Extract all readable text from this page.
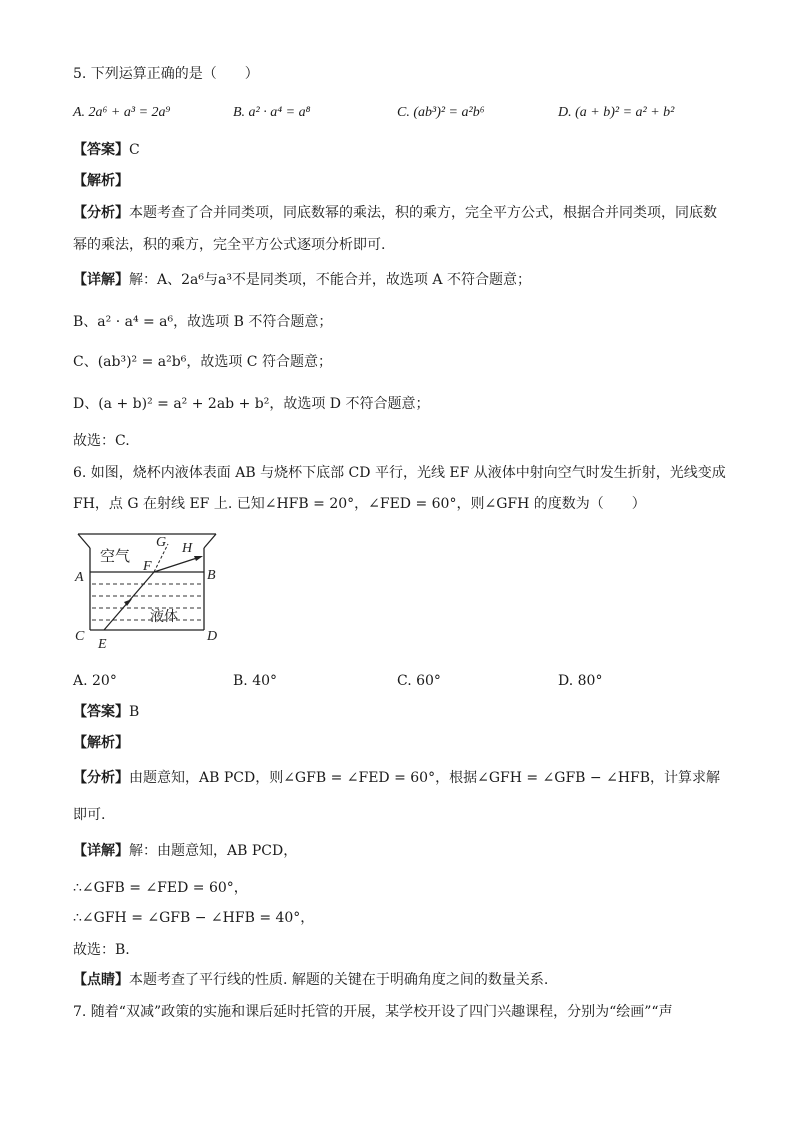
5. 下列运算正确的是（　　）
A. 2a⁶ + a³ = 2a⁹	B. a² · a⁴ = a⁸	C. (ab³)² = a²b⁶	D. (a + b)² = a² + b²
【答案】C
【解析】
【分析】本题考查了合并同类项，同底数幂的乘法，积的乘方，完全平方公式，根据合并同类项，同底数
幂的乘法，积的乘方，完全平方公式逐项分析即可.
【详解】解：A、2a⁶与a³不是同类项，不能合并，故选项 A 不符合题意；
B、a² · a⁴ = a⁶，故选项 B 不符合题意；
C、(ab³)² = a²b⁶，故选项 C 符合题意；
D、(a + b)² = a² + 2ab + b²，故选项 D 不符合题意；
故选：C.
6. 如图，烧杯内液体表面 AB 与烧杯下底部 CD 平行，光线 EF 从液体中射向空气时发生折射，光线变成
FH，点 G 在射线 EF 上. 已知∠HFB = 20°，∠FED = 60°，则∠GFH 的度数为（　　）
空气
液体
A	B
C	D
E
F
G H
A. 20°	B. 40°	C. 60°	D. 80°
【答案】B
【解析】
【分析】由题意知，AB PCD，则∠GFB = ∠FED = 60°，根据∠GFH = ∠GFB − ∠HFB，计算求解
即可.
【详解】解：由题意知，AB PCD，
∴∠GFB = ∠FED = 60°，
∴∠GFH = ∠GFB − ∠HFB = 40°，
故选：B.
【点睛】本题考查了平行线的性质. 解题的关键在于明确角度之间的数量关系.
7. 随着“双减”政策的实施和课后延时托管的开展，某学校开设了四门兴趣课程，分别为“绘画”“声
